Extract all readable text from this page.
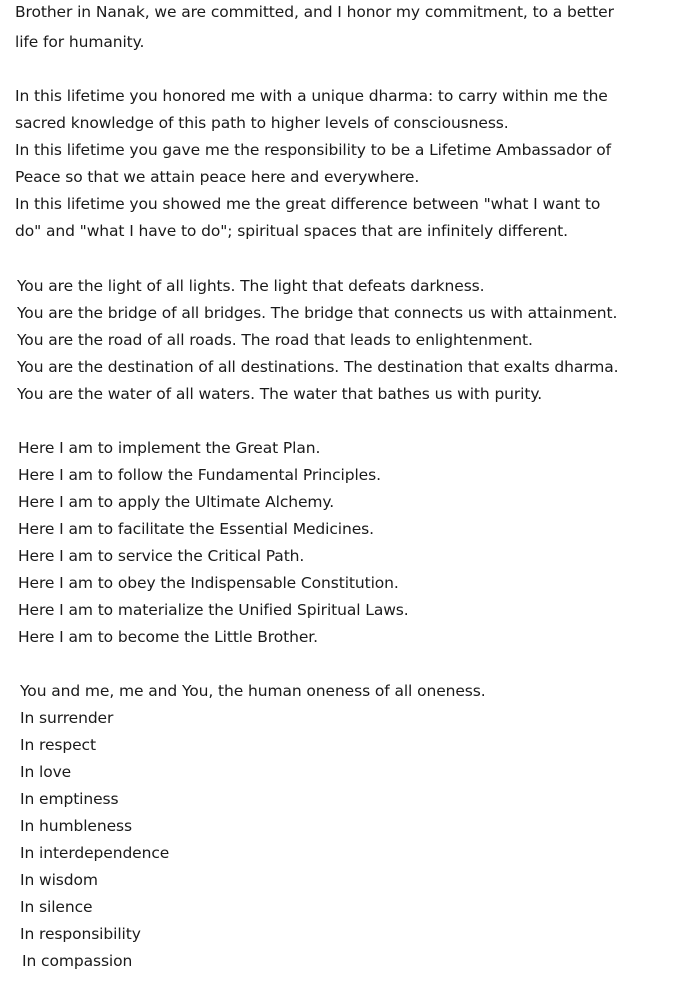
Brother in Nanak, we are committed, and I honor my commitment, to a better
life for humanity.
In this lifetime you honored me with a unique dharma: to carry within me the
sacred knowledge of this path to higher levels of consciousness.
In this lifetime you gave me the responsibility to be a Lifetime Ambassador of
Peace so that we attain peace here and everywhere.
In this lifetime you showed me the great difference between "what I want to
do" and "what I have to do"; spiritual spaces that are infinitely different.
You are the light of all lights. The light that defeats darkness.
You are the bridge of all bridges. The bridge that connects us with attainment.
You are the road of all roads. The road that leads to enlightenment.
You are the destination of all destinations. The destination that exalts dharma.
You are the water of all waters. The water that bathes us with purity.
Here I am to implement the Great Plan.
Here I am to follow the Fundamental Principles.
Here I am to apply the Ultimate Alchemy.
Here I am to facilitate the Essential Medicines.
Here I am to service the Critical Path.
Here I am to obey the Indispensable Constitution.
Here I am to materialize the Unified Spiritual Laws.
Here I am to become the Little Brother.
You and me, me and You, the human oneness of all oneness.
In surrender
In respect
In love
In emptiness
In humbleness
In interdependence
In wisdom
In silence
In responsibility
In compassion
